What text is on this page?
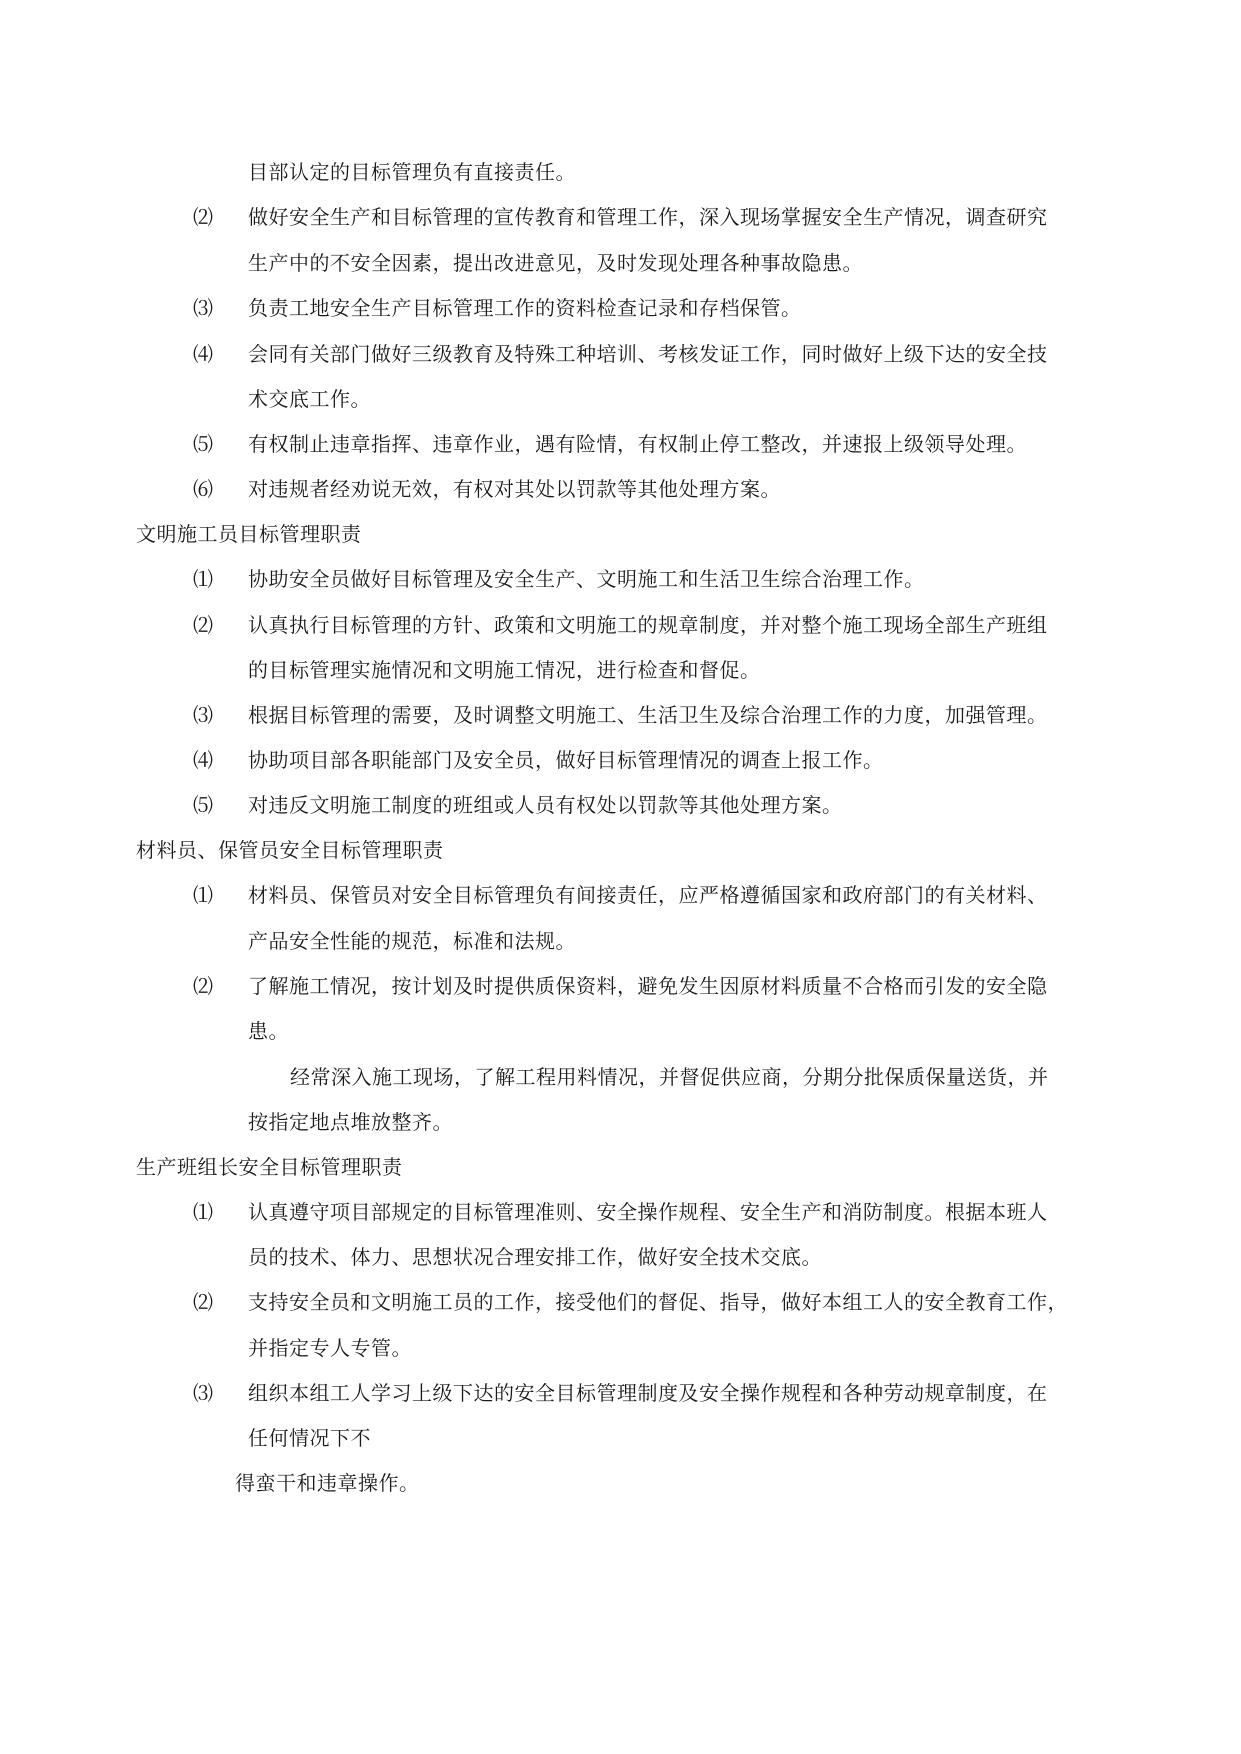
目部认定的目标管理负有直接责任。
⑵ 做好安全生产和目标管理的宣传教育和管理工作，深入现场掌握安全生产情况，调查研究
生产中的不安全因素，提出改进意见，及时发现处理各种事故隐患。
⑶ 负责工地安全生产目标管理工作的资料检查记录和存档保管。
⑷ 会同有关部门做好三级教育及特殊工种培训、考核发证工作，同时做好上级下达的安全技
术交底工作。
⑸ 有权制止违章指挥、违章作业，遇有险情，有权制止停工整改，并速报上级领导处理。
⑹ 对违规者经劝说无效，有权对其处以罚款等其他处理方案。
文明施工员目标管理职责
⑴ 协助安全员做好目标管理及安全生产、文明施工和生活卫生综合治理工作。
⑵ 认真执行目标管理的方针、政策和文明施工的规章制度，并对整个施工现场全部生产班组
的目标管理实施情况和文明施工情况，进行检查和督促。
⑶ 根据目标管理的需要，及时调整文明施工、生活卫生及综合治理工作的力度，加强管理。
⑷ 协助项目部各职能部门及安全员，做好目标管理情况的调查上报工作。
⑸ 对违反文明施工制度的班组或人员有权处以罚款等其他处理方案。
材料员、保管员安全目标管理职责
⑴ 材料员、保管员对安全目标管理负有间接责任，应严格遵循国家和政府部门的有关材料、
产品安全性能的规范，标准和法规。
⑵ 了解施工情况，按计划及时提供质保资料，避免发生因原材料质量不合格而引发的安全隐
患。
经常深入施工现场，了解工程用料情况，并督促供应商，分期分批保质保量送货，并
按指定地点堆放整齐。
生产班组长安全目标管理职责
⑴ 认真遵守项目部规定的目标管理准则、安全操作规程、安全生产和消防制度。根据本班人
员的技术、体力、思想状况合理安排工作，做好安全技术交底。
⑵ 支持安全员和文明施工员的工作，接受他们的督促、指导，做好本组工人的安全教育工作，
并指定专人专管。
⑶ 组织本组工人学习上级下达的安全目标管理制度及安全操作规程和各种劳动规章制度，在
任何情况下不
得蛮干和违章操作。
